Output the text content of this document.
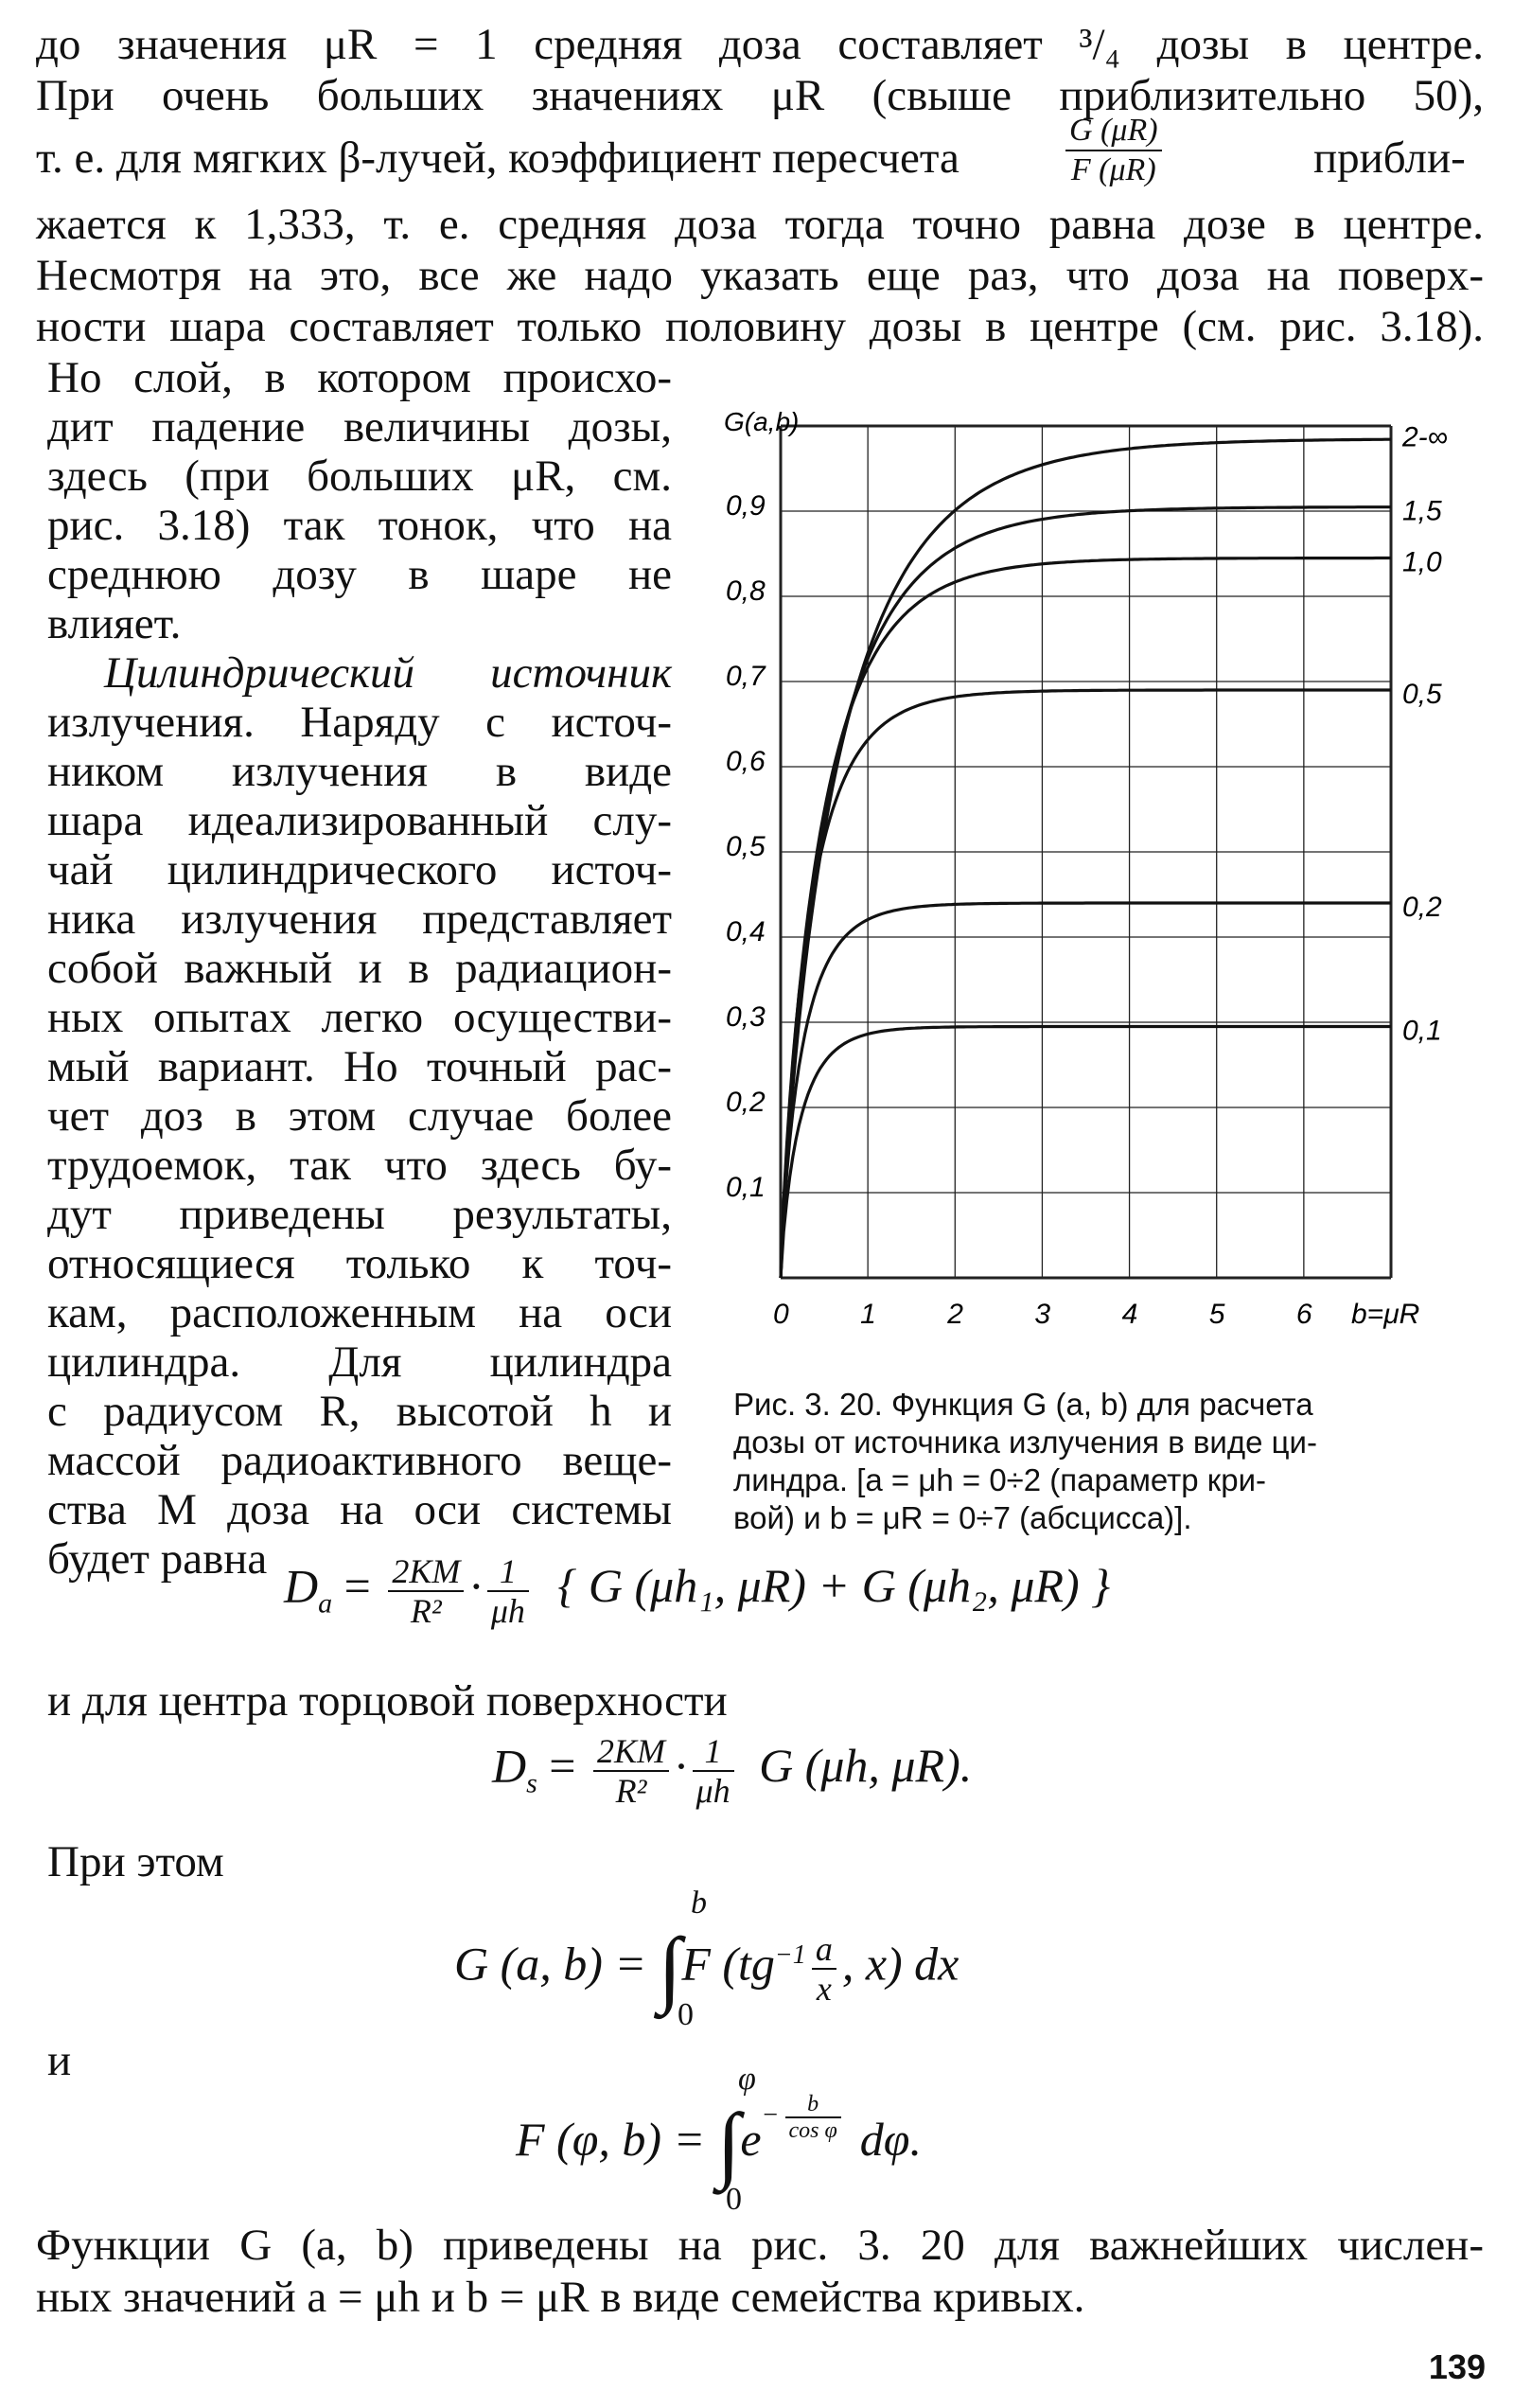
до значения μR = 1 средняя доза составляет ³/₄ дозы в центре.

При очень больших значениях μR (свыше приблизительно 50),

т. е. для мягких β-лучей, коэффициент пересчета	$\frac{G (\mu R)}{F (\mu R)}$	прибли-

жается к 1,333, т. е. средняя доза тогда точно равна дозе в центре.

Несмотря на это, все же надо указать еще раз, что доза на поверх-

ности шара составляет только половину дозы в центре (см. рис. 3.18).

Но слой, в котором происхо-

дит падение величины дозы,

здесь (при больших μR, см.

рис. 3.18) так тонок, что на

среднюю дозу в шаре не

влияет.

Цилиндрический источник

излучения. Наряду с источ-

ником излучения в виде

шара идеализированный слу-

чай цилиндрического источ-

ника излучения представляет

собой важный и в радиацион-

ных опытах легко осуществи-

мый вариант. Но точный рас-

чет доз в этом случае более

трудоемок, так что здесь бу-

дут приведены результаты,

относящиеся только к точ-

кам, расположенным на оси

цилиндра. Для цилиндра

с радиусом R, высотой h и

массой радиоактивного веще-

ства M доза на оси системы

будет равна

0,1
0,2
0,3
0,4
0,5
0,6
0,7
0,8
0,9
G(a,b)
0	1	2	3	4	5	6 b=μR
2-∞
1,5
1,0
0,5
0,2
0,1
Рис. 3. 20. Функция G (a, b) для расчета
дозы от источника излучения в виде ци-
линдра. [a = μh = 0÷2 (параметр кри-
вой) и b = μR = 0÷7 (абсцисса)].
$D_a = \frac{2KM}{\text{R²}} \cdot \frac{1}{\mu h}$ { G (μh₁, μR) + G (μh₂, μR) }

и для центра торцовой поверхности

$D_s = \frac{2KM}{\text{R²}} \cdot \frac{1}{\mu h}$ G (μh, μR).

При этом

b
G (a, b) = ∫F ($tg^{-1} \frac{a}{x}$ , x) dx
0

и	φ
F (φ, $b) = \int e^{- \frac{b}{\text{cos φ}}}$ dφ.
0

Функции G (a, b) приведены на рис. 3. 20 для важнейших числен-

ных значений a = μh и b = μR в виде семейства кривых.

139
